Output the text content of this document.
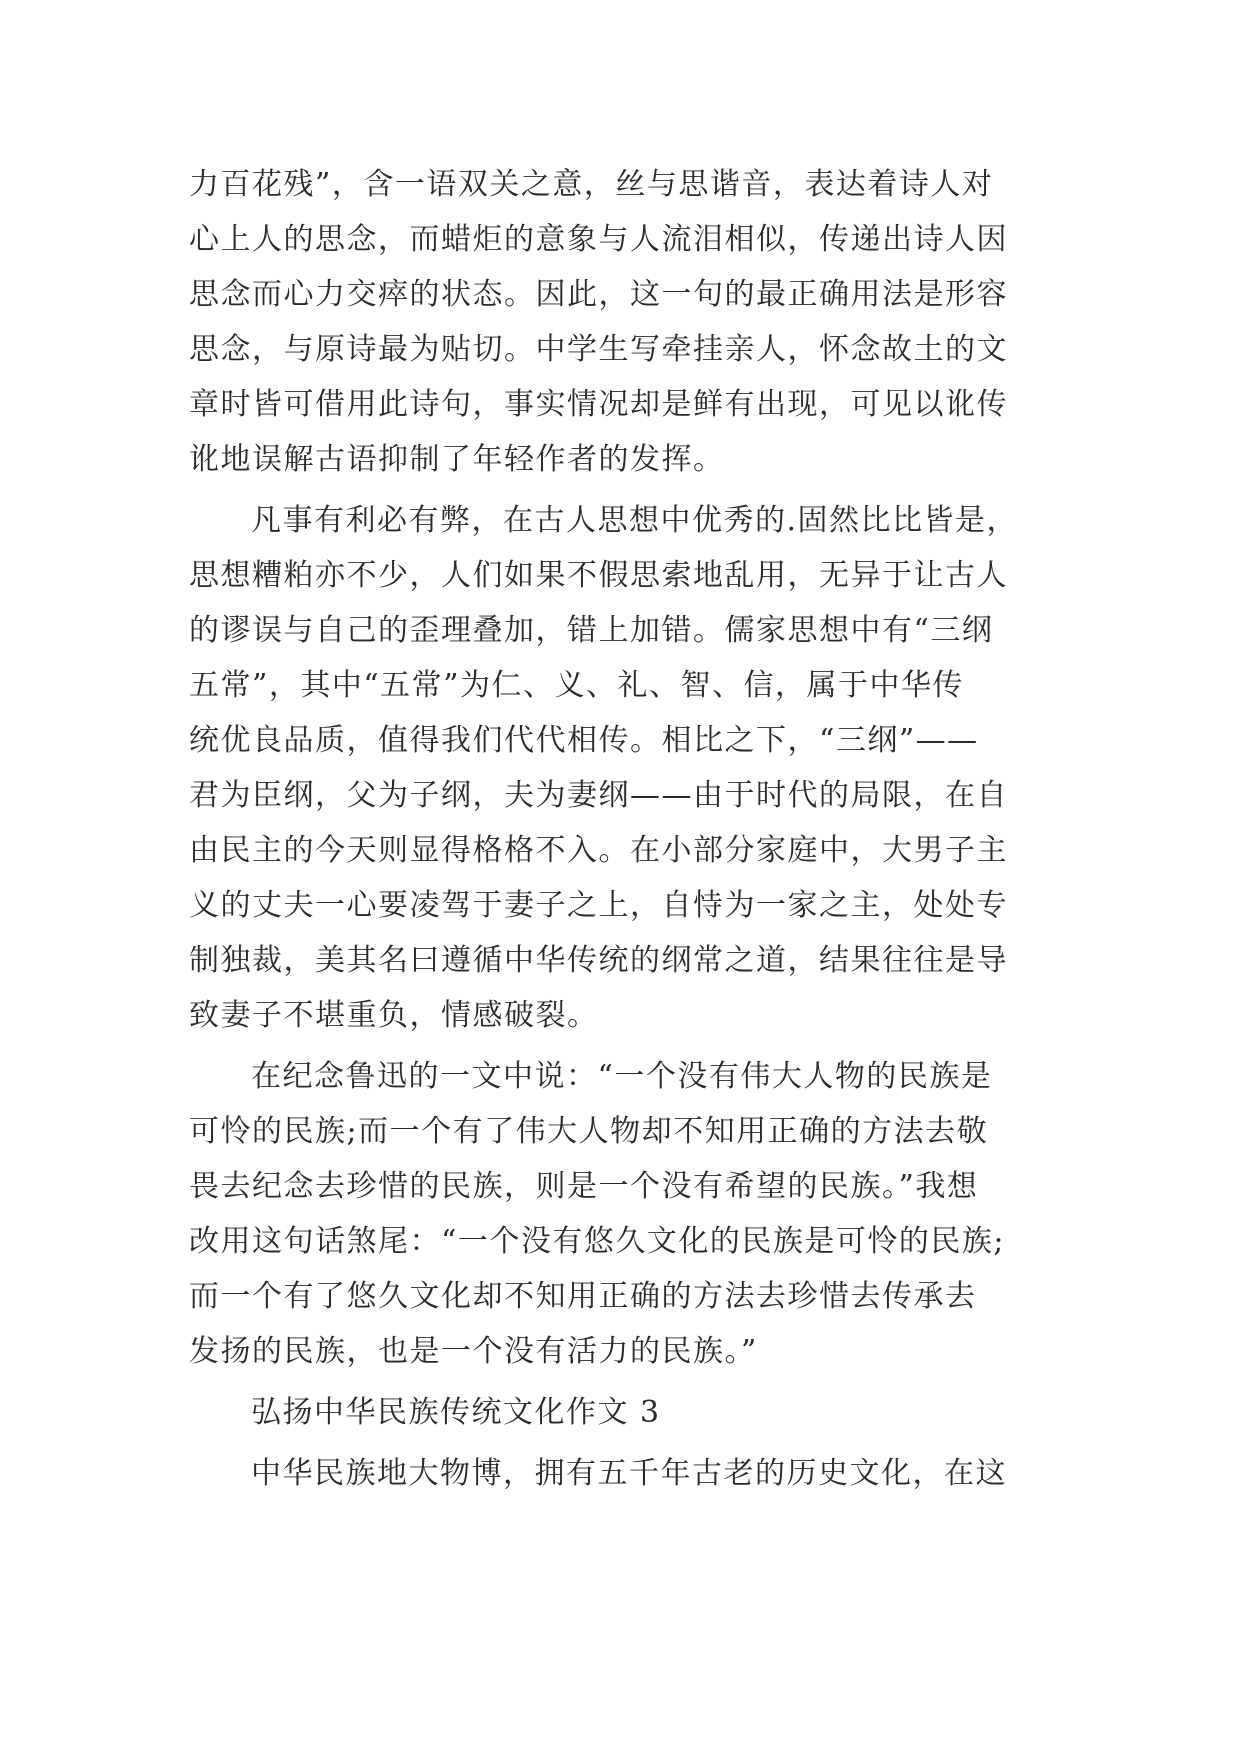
力百花残”，含一语双关之意，丝与思谐音，表达着诗人对
心上人的思念，而蜡炬的意象与人流泪相似，传递出诗人因
思念而心力交瘁的状态。因此，这一句的最正确用法是形容
思念，与原诗最为贴切。中学生写牵挂亲人，怀念故土的文
章时皆可借用此诗句，事实情况却是鲜有出现，可见以讹传
讹地误解古语抑制了年轻作者的发挥。
凡事有利必有弊，在古人思想中优秀的.固然比比皆是，
思想糟粕亦不少，人们如果不假思索地乱用，无异于让古人
的谬误与自己的歪理叠加，错上加错。儒家思想中有“三纲
五常”，其中“五常”为仁、义、礼、智、信，属于中华传
统优良品质，值得我们代代相传。相比之下，“三纲”——
君为臣纲，父为子纲，夫为妻纲——由于时代的局限，在自
由民主的今天则显得格格不入。在小部分家庭中，大男子主
义的丈夫一心要凌驾于妻子之上，自恃为一家之主，处处专
制独裁，美其名曰遵循中华传统的纲常之道，结果往往是导
致妻子不堪重负，情感破裂。
在纪念鲁迅的一文中说：“一个没有伟大人物的民族是
可怜的民族;而一个有了伟大人物却不知用正确的方法去敬
畏去纪念去珍惜的民族，则是一个没有希望的民族。”我想
改用这句话煞尾：“一个没有悠久文化的民族是可怜的民族;
而一个有了悠久文化却不知用正确的方法去珍惜去传承去
发扬的民族，也是一个没有活力的民族。”
弘扬中华民族传统文化作文 3
中华民族地大物博，拥有五千年古老的历史文化，在这
